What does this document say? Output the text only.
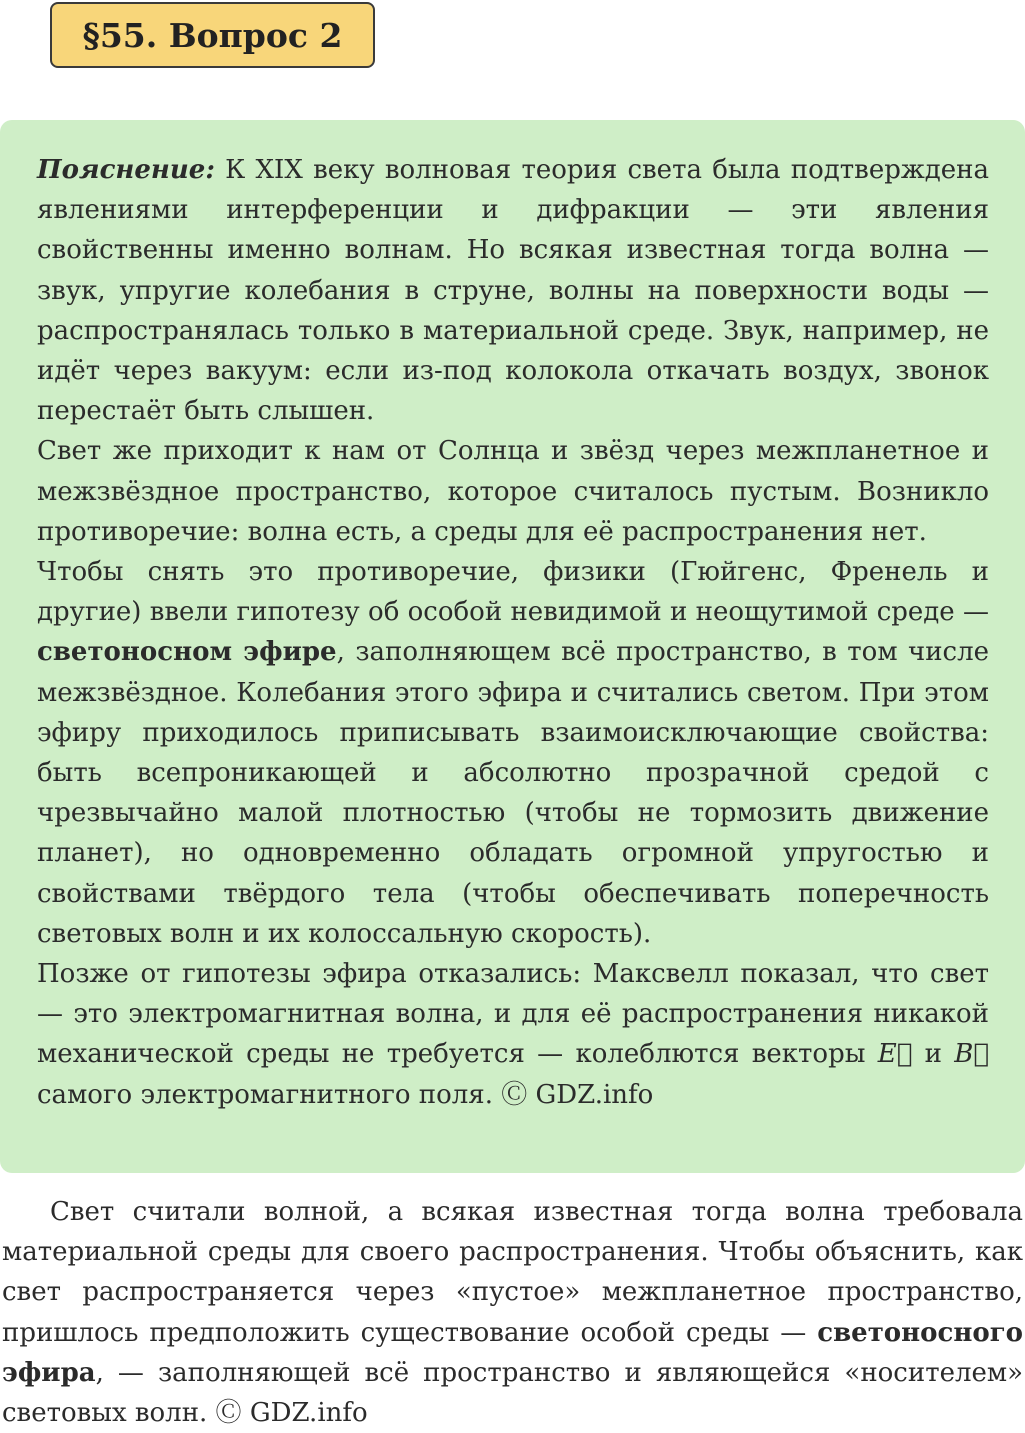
§55. Вопрос 2

Пояснение: К XIX веку волновая теория света была подтверждена явлениями интерференции и дифракции — эти явления свойственны именно волнам. Но всякая известная тогда волна — звук, упругие колебания в струне, волны на поверхности воды — распространялась только в материальной среде. Звук, например, не идёт через вакуум: если из-под колокола откачать воздух, звонок перестаёт быть слышен.

Свет же приходит к нам от Солнца и звёзд через межпланетное и межзвёздное пространство, которое считалось пустым. Возникло противоречие: волна есть, а среды для её распространения нет.

Чтобы снять это противоречие, физики (Гюйгенс, Френель и другие) ввели гипотезу об особой невидимой и неощутимой среде — светоносном эфире, заполняющем всё пространство, в том числе межзвёздное. Колебания этого эфира и считались светом. При этом эфиру приходилось приписывать взаимоисключающие свойства: быть всепроникающей и абсолютно прозрачной средой с чрезвычайно малой плотностью (чтобы не тормозить движение планет), но одновременно обладать огромной упругостью и свойствами твёрдого тела (чтобы обеспечивать поперечность световых волн и их колоссальную скорость).

Позже от гипотезы эфира отказались: Максвелл показал, что свет — это электромагнитная волна, и для её распространения никакой механической среды не требуется — колеблются векторы E⃗ и B⃗ самого электромагнитного поля. Ⓒ GDZ.info

Свет считали волной, а всякая известная тогда волна требовала материальной среды для своего распространения. Чтобы объяснить, как свет распространяется через «пустое» межпланетное пространство, пришлось предположить существование особой среды — светоносного эфира, — заполняющей всё пространство и являющейся «носителем» световых волн. Ⓒ GDZ.info
